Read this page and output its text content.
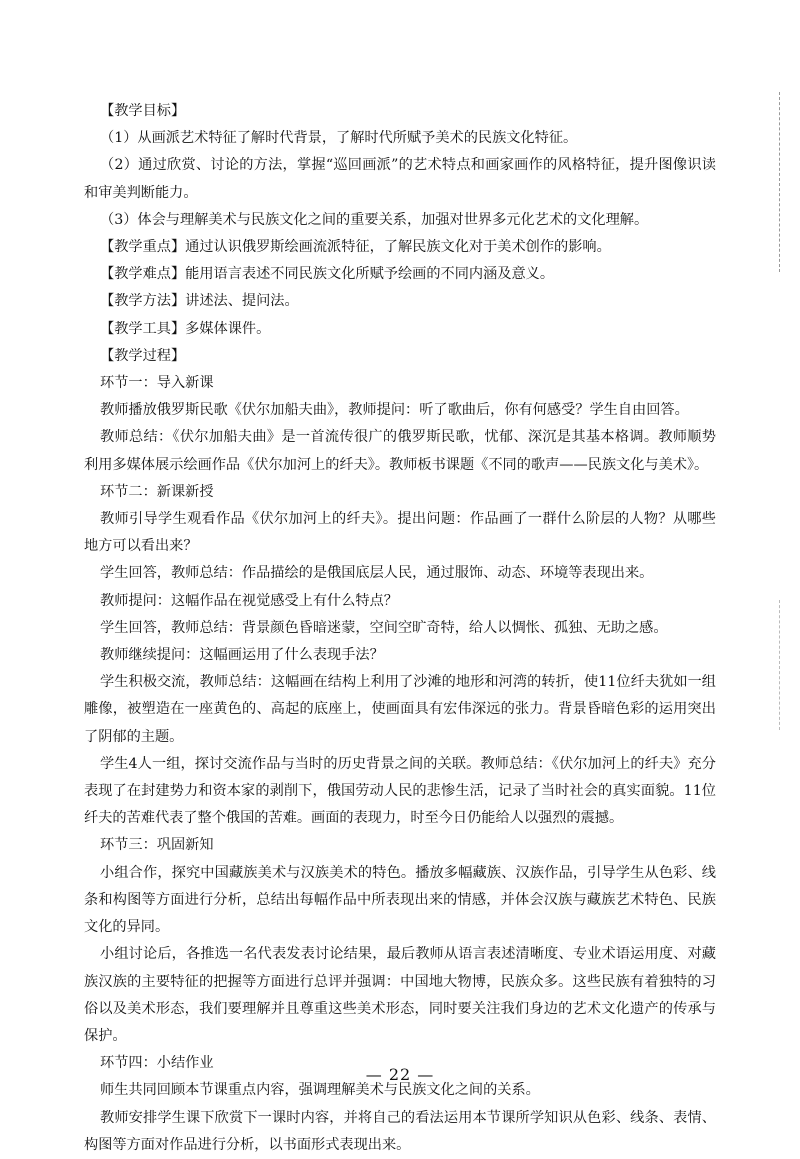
【教学目标】

（1）从画派艺术特征了解时代背景，了解时代所赋予美术的民族文化特征。

（2）通过欣赏、讨论的方法，掌握“巡回画派”的艺术特点和画家画作的风格特征，提升图像识读和审美判断能力。

（3）体会与理解美术与民族文化之间的重要关系，加强对世界多元化艺术的文化理解。

【教学重点】通过认识俄罗斯绘画流派特征，了解民族文化对于美术创作的影响。

【教学难点】能用语言表述不同民族文化所赋予绘画的不同内涵及意义。

【教学方法】讲述法、提问法。

【教学工具】多媒体课件。

【教学过程】

环节一：导入新课

教师播放俄罗斯民歌《伏尔加船夫曲》，教师提问：听了歌曲后，你有何感受？学生自由回答。

教师总结：《伏尔加船夫曲》是一首流传很广的俄罗斯民歌，忧郁、深沉是其基本格调。教师顺势利用多媒体展示绘画作品《伏尔加河上的纤夫》。教师板书课题《不同的歌声——民族文化与美术》。

环节二：新课新授

教师引导学生观看作品《伏尔加河上的纤夫》。提出问题：作品画了一群什么阶层的人物？从哪些地方可以看出来？

学生回答，教师总结：作品描绘的是俄国底层人民，通过服饰、动态、环境等表现出来。

教师提问：这幅作品在视觉感受上有什么特点？

学生回答，教师总结：背景颜色昏暗迷蒙，空间空旷奇特，给人以惆怅、孤独、无助之感。

教师继续提问：这幅画运用了什么表现手法？

学生积极交流，教师总结：这幅画在结构上利用了沙滩的地形和河湾的转折，使11位纤夫犹如一组雕像，被塑造在一座黄色的、高起的底座上，使画面具有宏伟深远的张力。背景昏暗色彩的运用突出了阴郁的主题。

学生4人一组，探讨交流作品与当时的历史背景之间的关联。教师总结：《伏尔加河上的纤夫》充分表现了在封建势力和资本家的剥削下，俄国劳动人民的悲惨生活，记录了当时社会的真实面貌。11位纤夫的苦难代表了整个俄国的苦难。画面的表现力，时至今日仍能给人以强烈的震撼。

环节三：巩固新知

小组合作，探究中国藏族美术与汉族美术的特色。播放多幅藏族、汉族作品，引导学生从色彩、线条和构图等方面进行分析，总结出每幅作品中所表现出来的情感，并体会汉族与藏族艺术特色、民族文化的异同。

小组讨论后，各推选一名代表发表讨论结果，最后教师从语言表述清晰度、专业术语运用度、对藏族汉族的主要特征的把握等方面进行总评并强调：中国地大物博，民族众多。这些民族有着独特的习俗以及美术形态，我们要理解并且尊重这些美术形态，同时要关注我们身边的艺术文化遗产的传承与保护。

环节四：小结作业

师生共同回顾本节课重点内容，强调理解美术与民族文化之间的关系。

教师安排学生课下欣赏下一课时内容，并将自己的看法运用本节课所学知识从色彩、线条、表情、构图等方面对作品进行分析，以书面形式表现出来。

— 22 —
